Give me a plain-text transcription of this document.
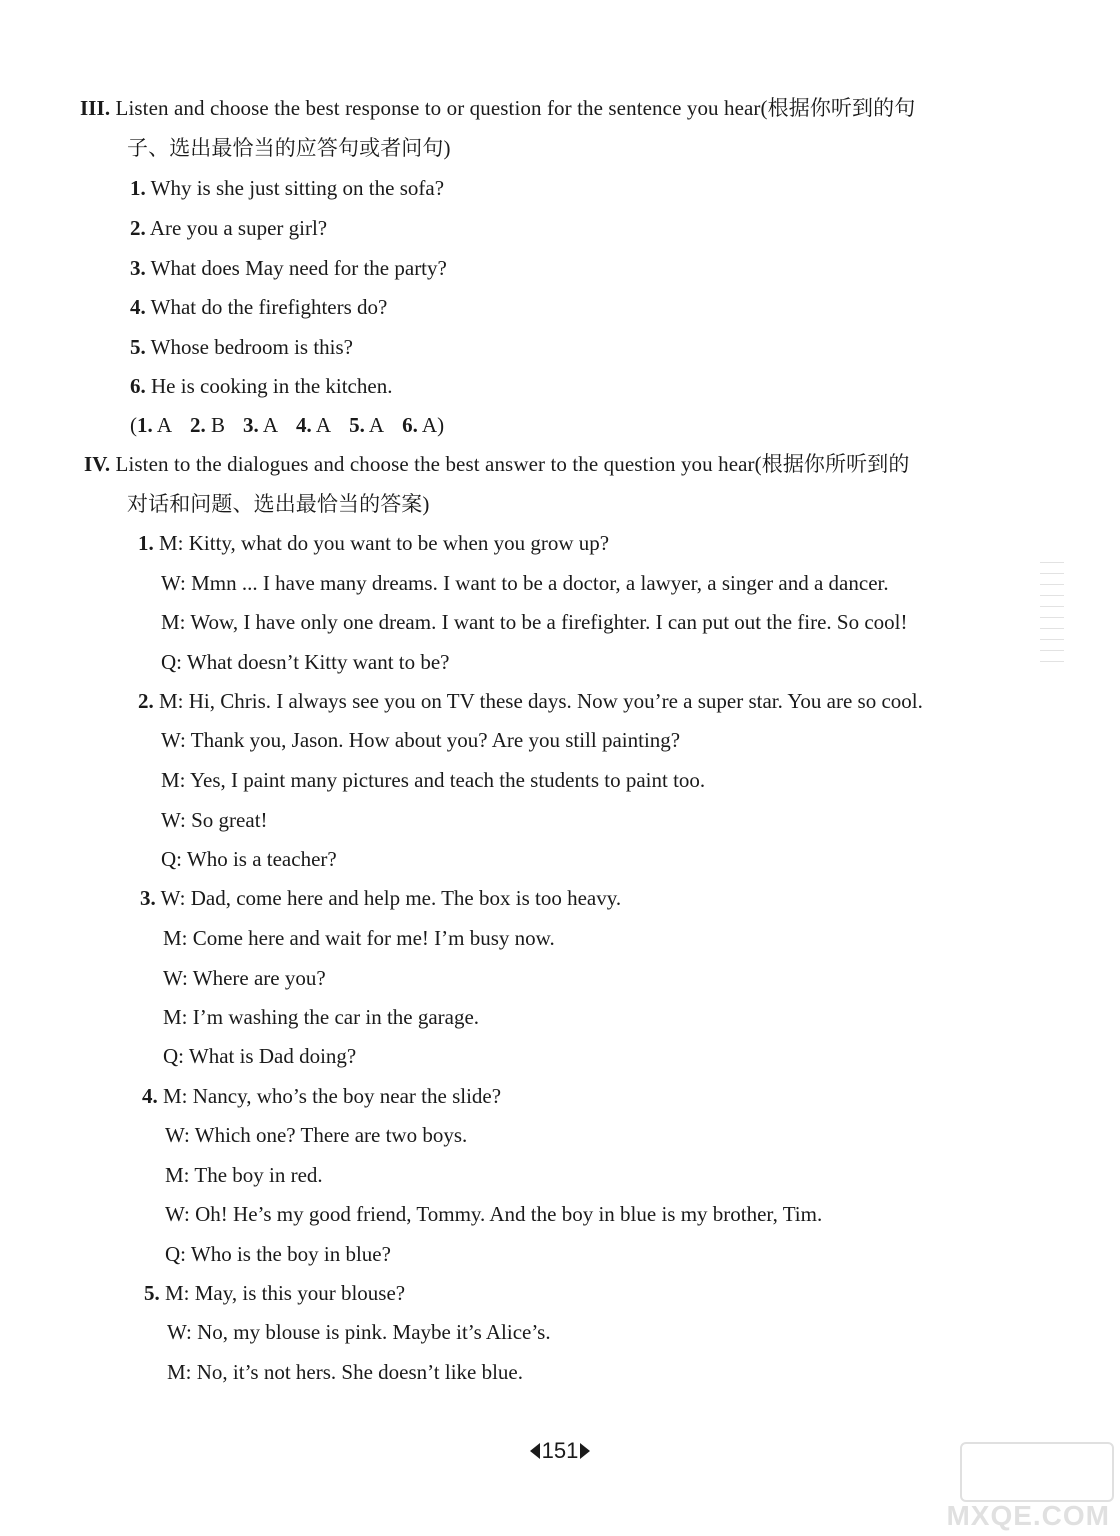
III. Listen and choose the best response to or question for the sentence you hear(根据你听到的句
子、选出最恰当的应答句或者问句)
1. Why is she just sitting on the sofa?
2. Are you a super girl?
3. What does May need for the party?
4. What do the firefighters do?
5. Whose bedroom is this?
6. He is cooking in the kitchen.
(1. A 2. B 3. A 4. A 5. A 6. A)
IV. Listen to the dialogues and choose the best answer to the question you hear(根据你所听到的
对话和问题、选出最恰当的答案)
1. M: Kitty, what do you want to be when you grow up?
W: Mmn ... I have many dreams. I want to be a doctor, a lawyer, a singer and a dancer.
M: Wow, I have only one dream. I want to be a firefighter. I can put out the fire. So cool!
Q: What doesn’t Kitty want to be?
2. M: Hi, Chris. I always see you on TV these days. Now you’re a super star. You are so cool.
W: Thank you, Jason. How about you? Are you still painting?
M: Yes, I paint many pictures and teach the students to paint too.
W: So great!
Q: Who is a teacher?
3. W: Dad, come here and help me. The box is too heavy.
M: Come here and wait for me! I’m busy now.
W: Where are you?
M: I’m washing the car in the garage.
Q: What is Dad doing?
4. M: Nancy, who’s the boy near the slide?
W: Which one? There are two boys.
M: The boy in red.
W: Oh! He’s my good friend, Tommy. And the boy in blue is my brother, Tim.
Q: Who is the boy in blue?
5. M: May, is this your blouse?
W: No, my blouse is pink. Maybe it’s Alice’s.
M: No, it’s not hers. She doesn’t like blue.
151
MXQE.COM
